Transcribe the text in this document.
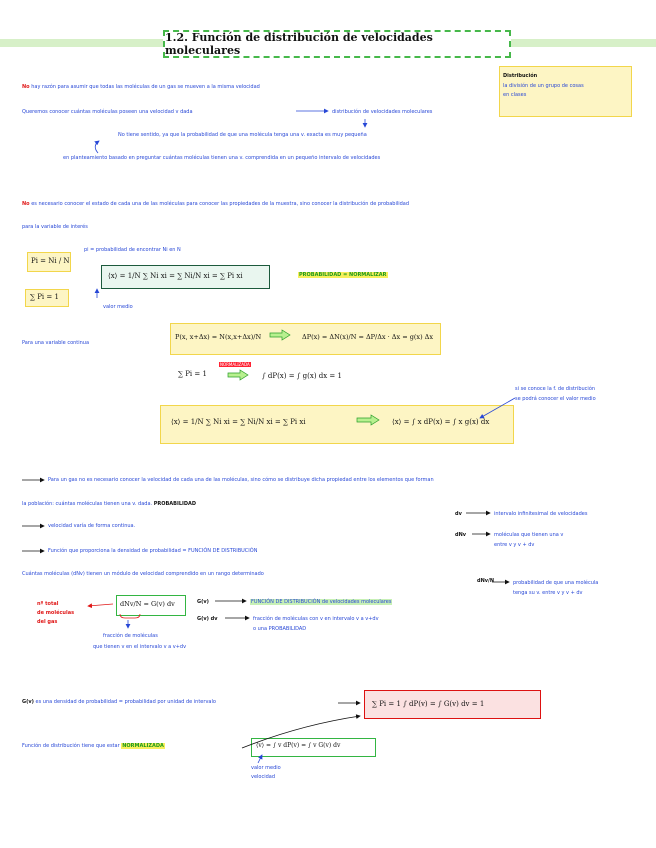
1.2. Función de distribución de velocidades moleculares
Distribución
la división de un grupo de cosas
en clases
No hay razón para asumir que todas las moléculas de un gas se mueven a la misma velocidad
Queremos conocer cuántas moléculas poseen una velocidad v dada	distribución de velocidades moleculares
No tiene sentido, ya que la probabilidad de que una molécula tenga una v. exacta es muy pequeña
en planteamiento basado en preguntar cuántas moléculas tienen una v. comprendida en un pequeño intervalo de velocidades
No es necesario conocer el estado de cada una de las moléculas para conocer las propiedades de la muestra, sino conocer la distribución de probabilidad
para la variable de interés
Pi = Ni / N
pi = probabilidad de encontrar Ni en N
⟨x⟩ = 1/N ∑ Ni xi = ∑ Ni/N xi = ∑ Pi xi	PROBABILIDAD = NORMALIZAR
∑ Pi = 1
valor medio
Para una variable continua
P(x, x+Δx) = N(x,x+Δx)/N	ΔP(x) = ΔN(x)/N = ΔP/Δx · Δx = g(x) Δx
∑ Pi = 1	∫ dP(x) = ∫ g(x) dx = 1
NORMALIZADA
si se conoce la f. de distribución
se podrá conocer el valor medio
⟨x⟩ = 1/N ∑ Ni xi = ∑ Ni/N xi = ∑ Pi xi	⟨x⟩ = ∫ x dP(x) = ∫ x g(x) dx
Para un gas no es necesario conocer la velocidad de cada una de las moléculas, sino cómo se distribuye dicha propiedad entre los elementos que forman
la población: cuántas moléculas tienen una v. dada. PROBABILIDAD
velocidad varía de forma continua.
Función que proporciona la densidad de probabilidad = FUNCIÓN DE DISTRIBUCIÓN
Cuántas moléculas (dNv) tienen un módulo de velocidad comprendido en un rango determinado
dv	intervalo infinitesimal de velocidades
dNv	moléculas que tienen una v
entre v y v + dv
dNv/N	probabilidad de que una molécula
tenga su v. entre v y v + dv
nº total
de moléculas
del gas
dNv/N = G(v) dv
fracción de moléculas
que tienen v en el intervalo v a v+dv
G(v)	FUNCIÓN DE DISTRIBUCIÓN de velocidades moleculares
G(v) dv	fracción de moléculas con v en intervalo v a v+dv
o una PROBABILIDAD
G(v) es una densidad de probabilidad = probabilidad por unidad de intervalo	∑ Pi = 1 ∫ dP(v) = ∫ G(v) dv = 1
Función de distribución tiene que estar NORMALIZADA	⟨v⟩ = ∫ v dP(v) = ∫ v G(v) dv
valor medio
velocidad
